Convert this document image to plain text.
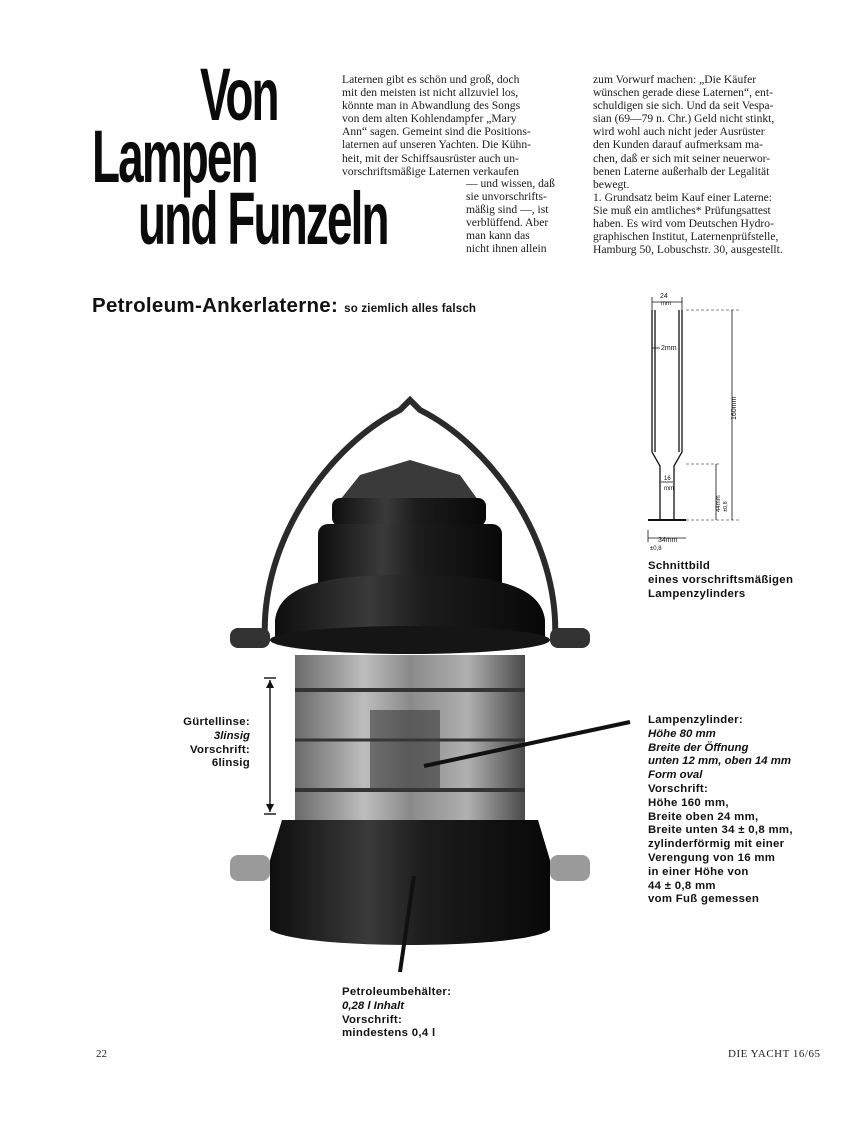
Von
Lampen
und Funzeln

Laternen gibt es schön und groß, doch

mit den meisten ist nicht allzuviel los,

könnte man in Abwandlung des Songs

von dem alten Kohlendampfer „Mary

Ann“ sagen. Gemeint sind die Positions-

laternen auf unseren Yachten. Die Kühn-

heit, mit der Schiffsausrüster auch un-

vorschriftsmäßige Laternen verkaufen

— und wissen, daß

sie unvorschrifts-

mäßig sind —, ist

verblüffend. Aber

man kann das

nicht ihnen allein

zum Vorwurf machen: „Die Käufer

wünschen gerade diese Laternen“, ent-

schuldigen sie sich. Und da seit Vespa-

sian (69—79 n. Chr.) Geld nicht stinkt,

wird wohl auch nicht jeder Ausrüster

den Kunden darauf aufmerksam ma-

chen, daß er sich mit seiner neuerwor-

benen Laterne außerhalb der Legalität

bewegt.

1. Grundsatz beim Kauf einer Laterne:

Sie muß ein amtliches* Prüfungsattest

haben. Es wird vom Deutschen Hydro-

graphischen Institut, Laternenprüfstelle,

Hamburg 50, Lobuschstr. 30, ausgestellt.

Petroleum-Ankerlaterne: so ziemlich alles falsch
24
mm
2mm
160mm
16
mm
44mm ±0,8
34mm
±0,8
Schnittbild
eines vorschriftsmäßigen
Lampenzylinders
Gürtellinse:
3linsig
Vorschrift:
6linsig
Lampenzylinder:
Höhe 80 mm
Breite der Öffnung
unten 12 mm, oben 14 mm
Form oval
Vorschrift:
Höhe 160 mm,
Breite oben 24 mm,
Breite unten 34 ± 0,8 mm,
zylinderförmig mit einer
Verengung von 16 mm
in einer Höhe von
44 ± 0,8 mm
vom Fuß gemessen
Petroleumbehälter:
0,28 l Inhalt
Vorschrift:
mindestens 0,4 l
22	DIE YACHT 16/65
